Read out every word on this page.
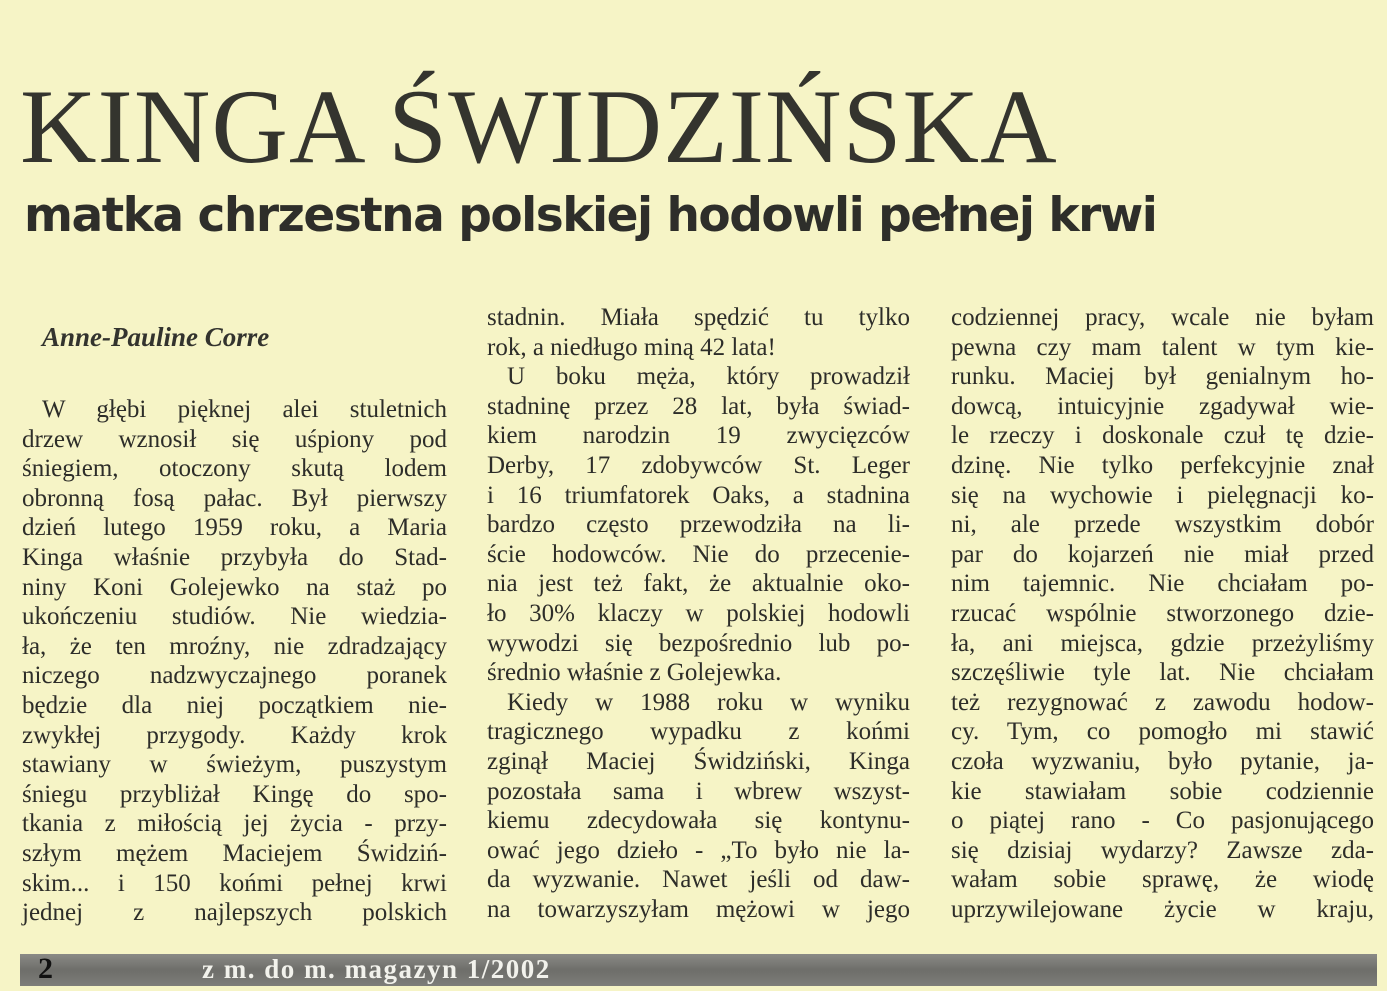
KINGA ŚWIDZIŃSKA
matka chrzestna polskiej hodowli pełnej krwi
Anne-Pauline Corre
W głębi pięknej alei stuletnich
drzew wznosił się uśpiony pod
śniegiem, otoczony skutą lodem
obronną fosą pałac. Był pierwszy
dzień lutego 1959 roku, a Maria
Kinga właśnie przybyła do Stad-
niny Koni Golejewko na staż po
ukończeniu studiów. Nie wiedzia-
ła, że ten mroźny, nie zdradzający
niczego nadzwyczajnego poranek
będzie dla niej początkiem nie-
zwykłej przygody. Każdy krok
stawiany w świeżym, puszystym
śniegu przybliżał Kingę do spo-
tkania z miłością jej życia - przy-
szłym mężem Maciejem Świdziń-
skim... i 150 końmi pełnej krwi
jednej z najlepszych polskich
stadnin. Miała spędzić tu tylko
rok, a niedługo miną 42 lata!
U boku męża, który prowadził
stadninę przez 28 lat, była świad-
kiem narodzin 19 zwycięzców
Derby, 17 zdobywców St. Leger
i 16 triumfatorek Oaks, a stadnina
bardzo często przewodziła na li-
ście hodowców. Nie do przecenie-
nia jest też fakt, że aktualnie oko-
ło 30% klaczy w polskiej hodowli
wywodzi się bezpośrednio lub po-
średnio właśnie z Golejewka.
Kiedy w 1988 roku w wyniku
tragicznego wypadku z końmi
zginął Maciej Świdziński, Kinga
pozostała sama i wbrew wszyst-
kiemu zdecydowała się kontynu-
ować jego dzieło - „To było nie la-
da wyzwanie. Nawet jeśli od daw-
na towarzyszyłam mężowi w jego
codziennej pracy, wcale nie byłam
pewna czy mam talent w tym kie-
runku. Maciej był genialnym ho-
dowcą, intuicyjnie zgadywał wie-
le rzeczy i doskonale czuł tę dzie-
dzinę. Nie tylko perfekcyjnie znał
się na wychowie i pielęgnacji ko-
ni, ale przede wszystkim dobór
par do kojarzeń nie miał przed
nim tajemnic. Nie chciałam po-
rzucać wspólnie stworzonego dzie-
ła, ani miejsca, gdzie przeżyliśmy
szczęśliwie tyle lat. Nie chciałam
też rezygnować z zawodu hodow-
cy. Tym, co pomogło mi stawić
czoła wyzwaniu, było pytanie, ja-
kie stawiałam sobie codziennie
o piątej rano - Co pasjonującego
się dzisiaj wydarzy? Zawsze zda-
wałam sobie sprawę, że wiodę
uprzywilejowane życie w kraju,
2	z m. do m. magazyn 1/2002
